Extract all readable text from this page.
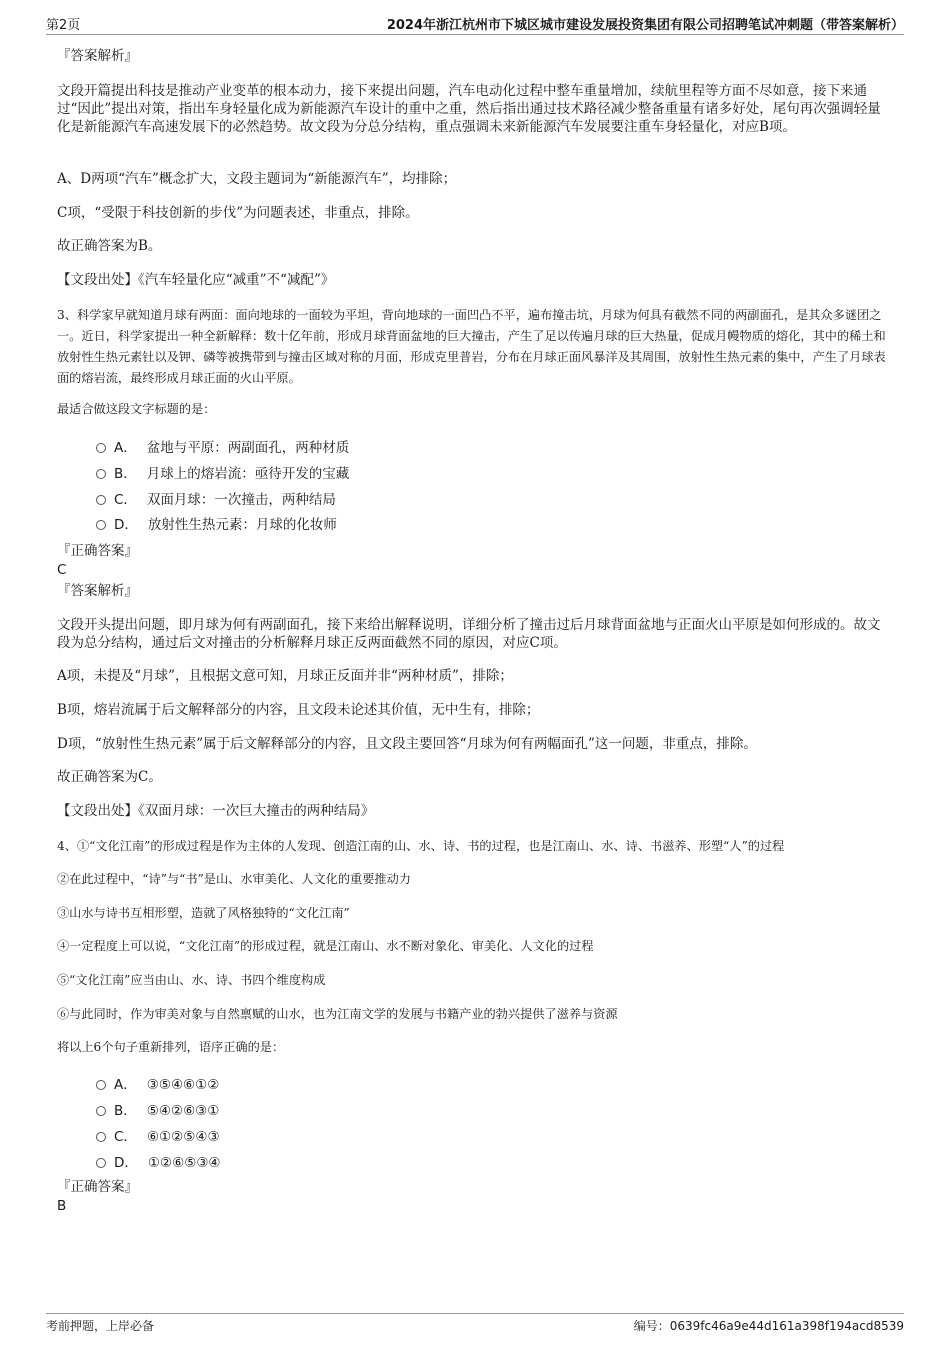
第2页	2024年浙江杭州市下城区城市建设发展投资集团有限公司招聘笔试冲刺题（带答案解析）
『答案解析』
文段开篇提出科技是推动产业变革的根本动力，接下来提出问题，汽车电动化过程中整车重量增加，续航里程等方面不尽如意，接下来通过“因此”提出对策，指出车身轻量化成为新能源汽车设计的重中之重，然后指出通过技术路径减少整备重量有诸多好处，尾句再次强调轻量化是新能源汽车高速发展下的必然趋势。故文段为分总分结构，重点强调未来新能源汽车发展要注重车身轻量化，对应B项。
A、D两项“汽车”概念扩大，文段主题词为“新能源汽车”，均排除；
C项，“受限于科技创新的步伐”为问题表述，非重点，排除。
故正确答案为B。
【文段出处】《汽车轻量化应“减重”不“减配”》
3、科学家早就知道月球有两面：面向地球的一面较为平坦，背向地球的一面凹凸不平，遍布撞击坑，月球为何具有截然不同的两副面孔，是其众多谜团之一。近日，科学家提出一种全新解释：数十亿年前，形成月球背面盆地的巨大撞击，产生了足以传遍月球的巨大热量，促成月幔物质的熔化，其中的稀土和放射性生热元素钍以及钾、磷等被携带到与撞击区域对称的月面，形成克里普岩，分布在月球正面风暴洋及其周围，放射性生热元素的集中，产生了月球表面的熔岩流，最终形成月球正面的火山平原。
最适合做这段文字标题的是：
A． 盆地与平原：两副面孔，两种材质
B． 月球上的熔岩流：亟待开发的宝藏
C． 双面月球：一次撞击，两种结局
D． 放射性生热元素：月球的化妆师
『正确答案』
C
『答案解析』
文段开头提出问题，即月球为何有两副面孔，接下来给出解释说明，详细分析了撞击过后月球背面盆地与正面火山平原是如何形成的。故文段为总分结构，通过后文对撞击的分析解释月球正反两面截然不同的原因，对应C项。
A项，未提及“月球”，且根据文意可知，月球正反面并非“两种材质”，排除；
B项，熔岩流属于后文解释部分的内容，且文段未论述其价值，无中生有，排除；
D项，“放射性生热元素”属于后文解释部分的内容，且文段主要回答“月球为何有两幅面孔”这一问题，非重点，排除。
故正确答案为C。
【文段出处】《双面月球：一次巨大撞击的两种结局》
4、①“文化江南”的形成过程是作为主体的人发现、创造江南的山、水、诗、书的过程，也是江南山、水、诗、书滋养、形塑“人”的过程
②在此过程中，“诗”与“书”是山、水审美化、人文化的重要推动力
③山水与诗书互相形塑，造就了风格独特的“文化江南”
④一定程度上可以说，“文化江南”的形成过程，就是江南山、水不断对象化、审美化、人文化的过程
⑤“文化江南”应当由山、水、诗、书四个维度构成
⑥与此同时，作为审美对象与自然禀赋的山水，也为江南文学的发展与书籍产业的勃兴提供了滋养与资源
将以上6个句子重新排列，语序正确的是：
A． ③⑤④⑥①②
B． ⑤④②⑥③①
C． ⑥①②⑤④③
D． ①②⑥⑤③④
『正确答案』
B
考前押题，上岸必备	编号：0639fc46a9e44d161a398f194acd8539
